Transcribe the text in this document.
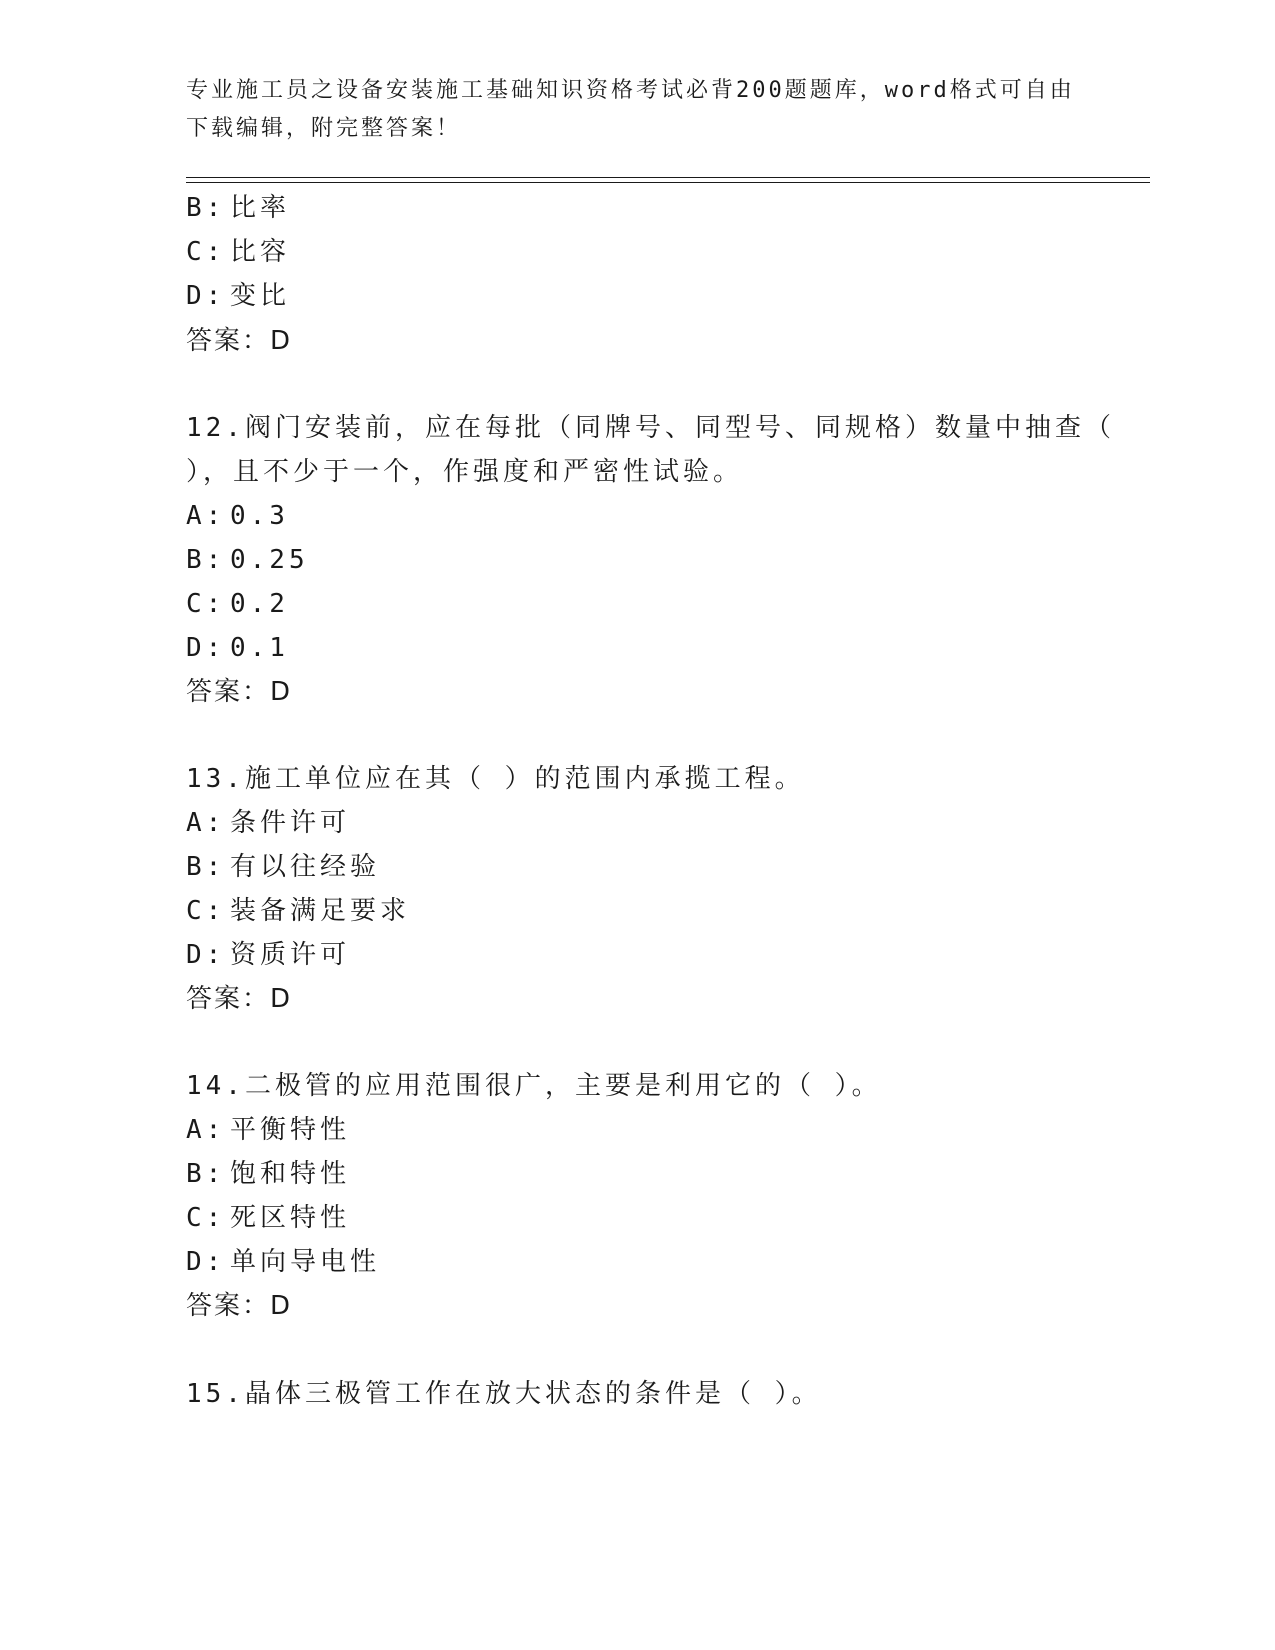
专业施工员之设备安装施工基础知识资格考试必背200题题库，word格式可自由下载编辑，附完整答案！
B: 比率
C: 比容
D: 变比
答案：D
12.阀门安装前，应在每批（同牌号、同型号、同规格）数量中抽查（
），且不少于一个，作强度和严密性试验。
A: 0.3
B: 0.25
C: 0.2
D: 0.1
答案：D
13.施工单位应在其（ ）的范围内承揽工程。
A: 条件许可
B: 有以往经验
C: 装备满足要求
D: 资质许可
答案：D
14.二极管的应用范围很广，主要是利用它的（ ）。
A: 平衡特性
B: 饱和特性
C: 死区特性
D: 单向导电性
答案：D
15.晶体三极管工作在放大状态的条件是（ ）。
